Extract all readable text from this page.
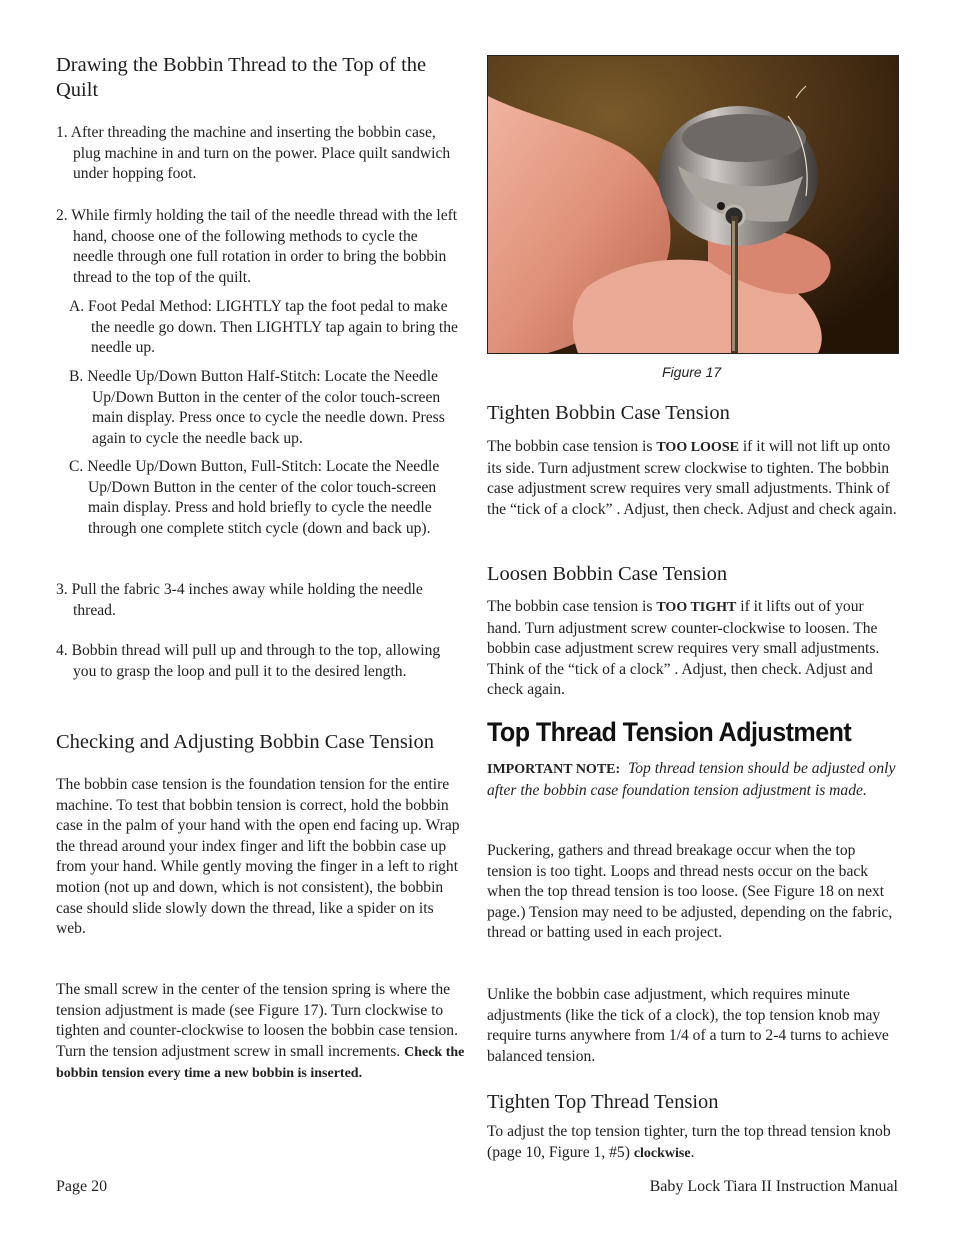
Drawing the Bobbin Thread to the Top of the Quilt

1. After threading the machine and inserting the bobbin case, plug machine in and turn on the power. Place quilt sandwich under hopping foot.

2. While firmly holding the tail of the needle thread with the left hand, choose one of the following methods to cycle the needle through one full rotation in order to bring the bobbin thread to the top of the quilt.

A. Foot Pedal Method: LIGHTLY tap the foot pedal to make the needle go down. Then LIGHTLY tap again to bring the needle up.

B. Needle Up/Down Button Half-Stitch: Locate the Needle Up/Down Button in the center of the color touch-screen main display. Press once to cycle the needle down. Press again to cycle the needle back up.

C. Needle Up/Down Button, Full-Stitch: Locate the Needle Up/Down Button in the center of the color touch-screen main display. Press and hold briefly to cycle the needle through one complete stitch cycle (down and back up).

3. Pull the fabric 3-4 inches away while holding the needle thread.

4. Bobbin thread will pull up and through to the top, allowing you to grasp the loop and pull it to the desired length.

Checking and Adjusting Bobbin Case Tension

The bobbin case tension is the foundation tension for the entire machine. To test that bobbin tension is correct, hold the bobbin case in the palm of your hand with the open end facing up. Wrap the thread around your index finger and lift the bobbin case up from your hand. While gently moving the finger in a left to right motion (not up and down, which is not consistent), the bobbin case should slide slowly down the thread, like a spider on its web.

The small screw in the center of the tension spring is where the tension adjustment is made (see Figure 17). Turn clockwise to tighten and counter-clockwise to loosen the bobbin case tension. Turn the tension adjustment screw in small increments. Check the bobbin tension every time a new bobbin is inserted.

Figure 17
Tighten Bobbin Case Tension

The bobbin case tension is TOO LOOSE if it will not lift up onto its side. Turn adjustment screw clockwise to tighten. The bobbin case adjustment screw requires very small adjustments. Think of the “tick of a clock” . Adjust, then check. Adjust and check again.

Loosen Bobbin Case Tension

The bobbin case tension is TOO TIGHT if it lifts out of your hand. Turn adjustment screw counter-clockwise to loosen. The bobbin case adjustment screw requires very small adjustments. Think of the “tick of a clock” . Adjust, then check. Adjust and check again.

Top Thread Tension Adjustment

IMPORTANT NOTE: Top thread tension should be adjusted only after the bobbin case foundation tension adjustment is made.

Puckering, gathers and thread breakage occur when the top tension is too tight. Loops and thread nests occur on the back when the top thread tension is too loose. (See Figure 18 on next page.) Tension may need to be adjusted, depending on the fabric, thread or batting used in each project.

Unlike the bobbin case adjustment, which requires minute adjustments (like the tick of a clock), the top tension knob may require turns anywhere from 1/4 of a turn to 2-4 turns to achieve balanced tension.

Tighten Top Thread Tension

To adjust the top tension tighter, turn the top thread tension knob (page 10, Figure 1, #5) clockwise.

Page 20	Baby Lock Tiara II Instruction Manual
